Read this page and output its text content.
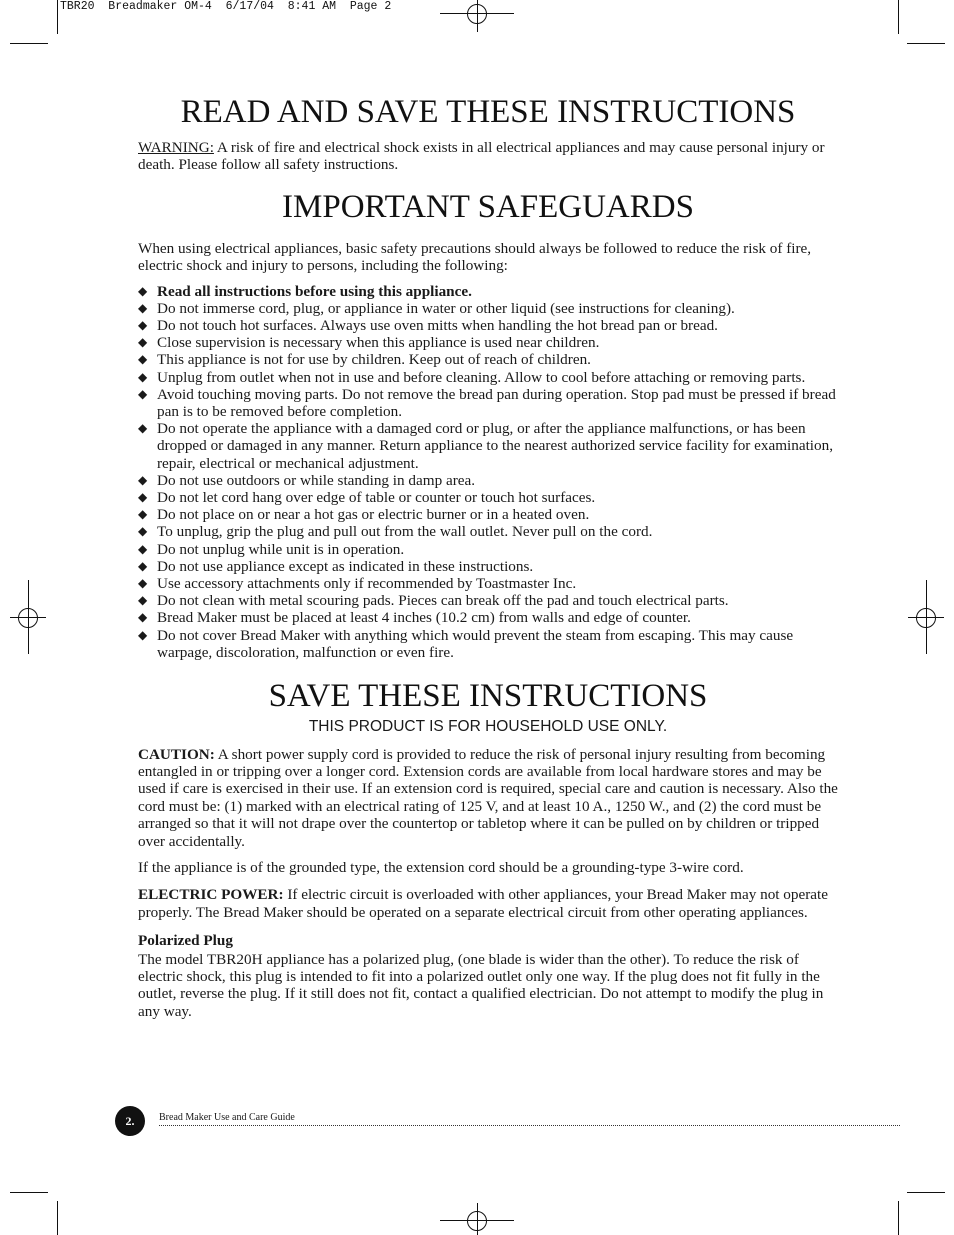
TBR20  Breadmaker OM-4  6/17/04  8:41 AM  Page 2
READ AND SAVE THESE INSTRUCTIONS

WARNING: A risk of fire and electrical shock exists in all electrical appliances and may cause personal injury or death. Please follow all safety instructions.

IMPORTANT SAFEGUARDS

When using electrical appliances, basic safety precautions should always be followed to reduce the risk of fire, electric shock and injury to persons, including the following:

◆ Read all instructions before using this appliance.
◆ Do not immerse cord, plug, or appliance in water or other liquid (see instructions for cleaning).
◆ Do not touch hot surfaces. Always use oven mitts when handling the hot bread pan or bread.
◆ Close supervision is necessary when this appliance is used near children.
◆ This appliance is not for use by children. Keep out of reach of children.
◆ Unplug from outlet when not in use and before cleaning. Allow to cool before attaching or removing parts.
◆ Avoid touching moving parts. Do not remove the bread pan during operation. Stop pad must be pressed if bread pan is to be removed before completion.
◆ Do not operate the appliance with a damaged cord or plug, or after the appliance malfunctions, or has been dropped or damaged in any manner. Return appliance to the nearest authorized service facility for examination, repair, electrical or mechanical adjustment.
◆ Do not use outdoors or while standing in damp area.
◆ Do not let cord hang over edge of table or counter or touch hot surfaces.
◆ Do not place on or near a hot gas or electric burner or in a heated oven.
◆ To unplug, grip the plug and pull out from the wall outlet. Never pull on the cord.
◆ Do not unplug while unit is in operation.
◆ Do not use appliance except as indicated in these instructions.
◆ Use accessory attachments only if recommended by Toastmaster Inc.
◆ Do not clean with metal scouring pads. Pieces can break off the pad and touch electrical parts.
◆ Bread Maker must be placed at least 4 inches (10.2 cm) from walls and edge of counter.
◆ Do not cover Bread Maker with anything which would prevent the steam from escaping. This may cause warpage, discoloration, malfunction or even fire.
SAVE THESE INSTRUCTIONS

THIS PRODUCT IS FOR HOUSEHOLD USE ONLY.

CAUTION: A short power supply cord is provided to reduce the risk of personal injury resulting from becoming entangled in or tripping over a longer cord. Extension cords are available from local hardware stores and may be used if care is exercised in their use. If an extension cord is required, special care and caution is necessary. Also the cord must be: (1) marked with an electrical rating of 125 V, and at least 10 A., 1250 W., and (2) the cord must be arranged so that it will not drape over the countertop or tabletop where it can be pulled on by children or tripped over accidentally.

If the appliance is of the grounded type, the extension cord should be a grounding-type 3-wire cord.

ELECTRIC POWER: If electric circuit is overloaded with other appliances, your Bread Maker may not operate properly. The Bread Maker should be operated on a separate electrical circuit from other operating appliances.

Polarized Plug

The model TBR20H appliance has a polarized plug, (one blade is wider than the other). To reduce the risk of electric shock, this plug is intended to fit into a polarized outlet only one way. If the plug does not fit fully in the outlet, reverse the plug. If it still does not fit, contact a qualified electrician. Do not attempt to modify the plug in any way.

2.	Bread Maker Use and Care Guide
